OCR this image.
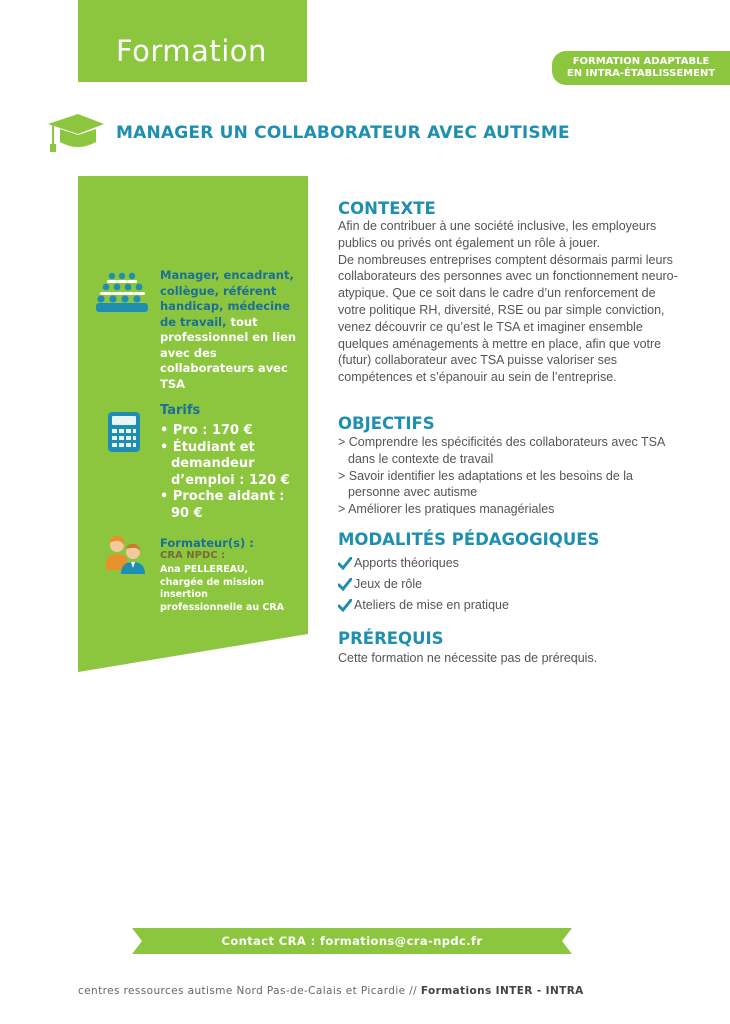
Formation	FORMATION ADAPTABLE
EN INTRA-ÉTABLISSEMENT
MANAGER UN COLLABORATEUR AVEC AUTISME
Manager, encadrant, collègue, référent handicap, médecine de travail, tout professionnel en lien avec des collaborateurs avec TSA
Tarifs
• Pro : 170 €
• Étudiant et demandeur d’emploi : 120 €
• Proche aidant : 90 €
Formateur(s) :
CRA NPDC :
Ana PELLEREAU, chargée de mission insertion professionnelle au CRA
CONTEXTE
Afin de contribuer à une société inclusive, les employeurs publics ou privés ont également un rôle à jouer.
De nombreuses entreprises comptent désormais parmi leurs collaborateurs des personnes avec un fonctionnement neuro-atypique. Que ce soit dans le cadre d’un renforcement de votre politique RH, diversité, RSE ou par simple conviction, venez découvrir ce qu’est le TSA et imaginer ensemble quelques aménagements à mettre en place, afin que votre (futur) collaborateur avec TSA puisse valoriser ses compétences et s’épanouir au sein de l’entreprise.
OBJECTIFS
> Comprendre les spécificités des collaborateurs avec TSA dans le contexte de travail
> Savoir identifier les adaptations et les besoins de la personne avec autisme
> Améliorer les pratiques managériales
MODALITÉS PÉDAGOGIQUES
Apports théoriques
Jeux de rôle
Ateliers de mise en pratique
PRÉREQUIS

Cette formation ne nécessite pas de prérequis.

Contact CRA : formations@cra-npdc.fr
centres ressources autisme Nord Pas-de-Calais et Picardie // Formations INTER - INTRA
